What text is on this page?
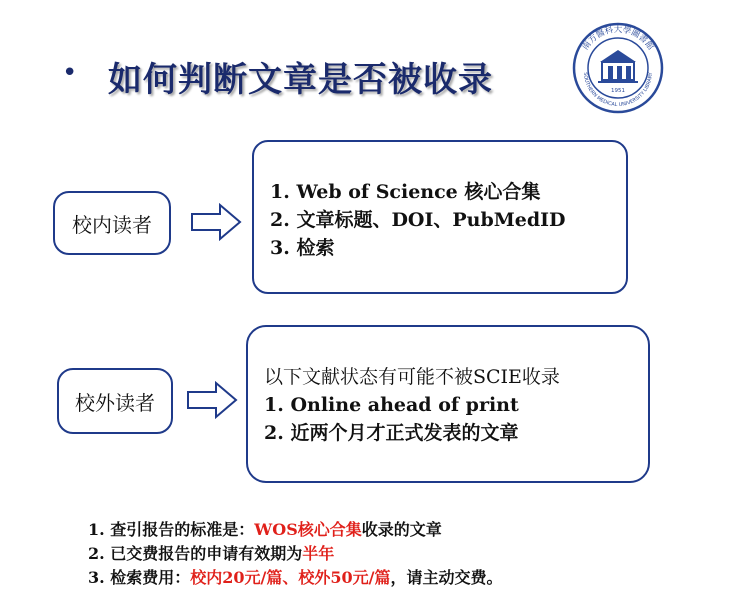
• 如何判断文章是否被收录
南方醫科大學圖書館
SOUTHERN MEDICAL UNIVERSITY LIBRARY
1951
校内读者
1. Web of Science 核心合集
2. 文章标题、DOI、PubMedID
3. 检索
校外读者
以下文献状态有可能不被SCIE收录
1. Online ahead of print
2. 近两个月才正式发表的文章
1. 查引报告的标准是：WOS核心合集收录的文章
2. 已交费报告的申请有效期为半年
3. 检索费用：校内20元/篇、校外50元/篇，请主动交费。
